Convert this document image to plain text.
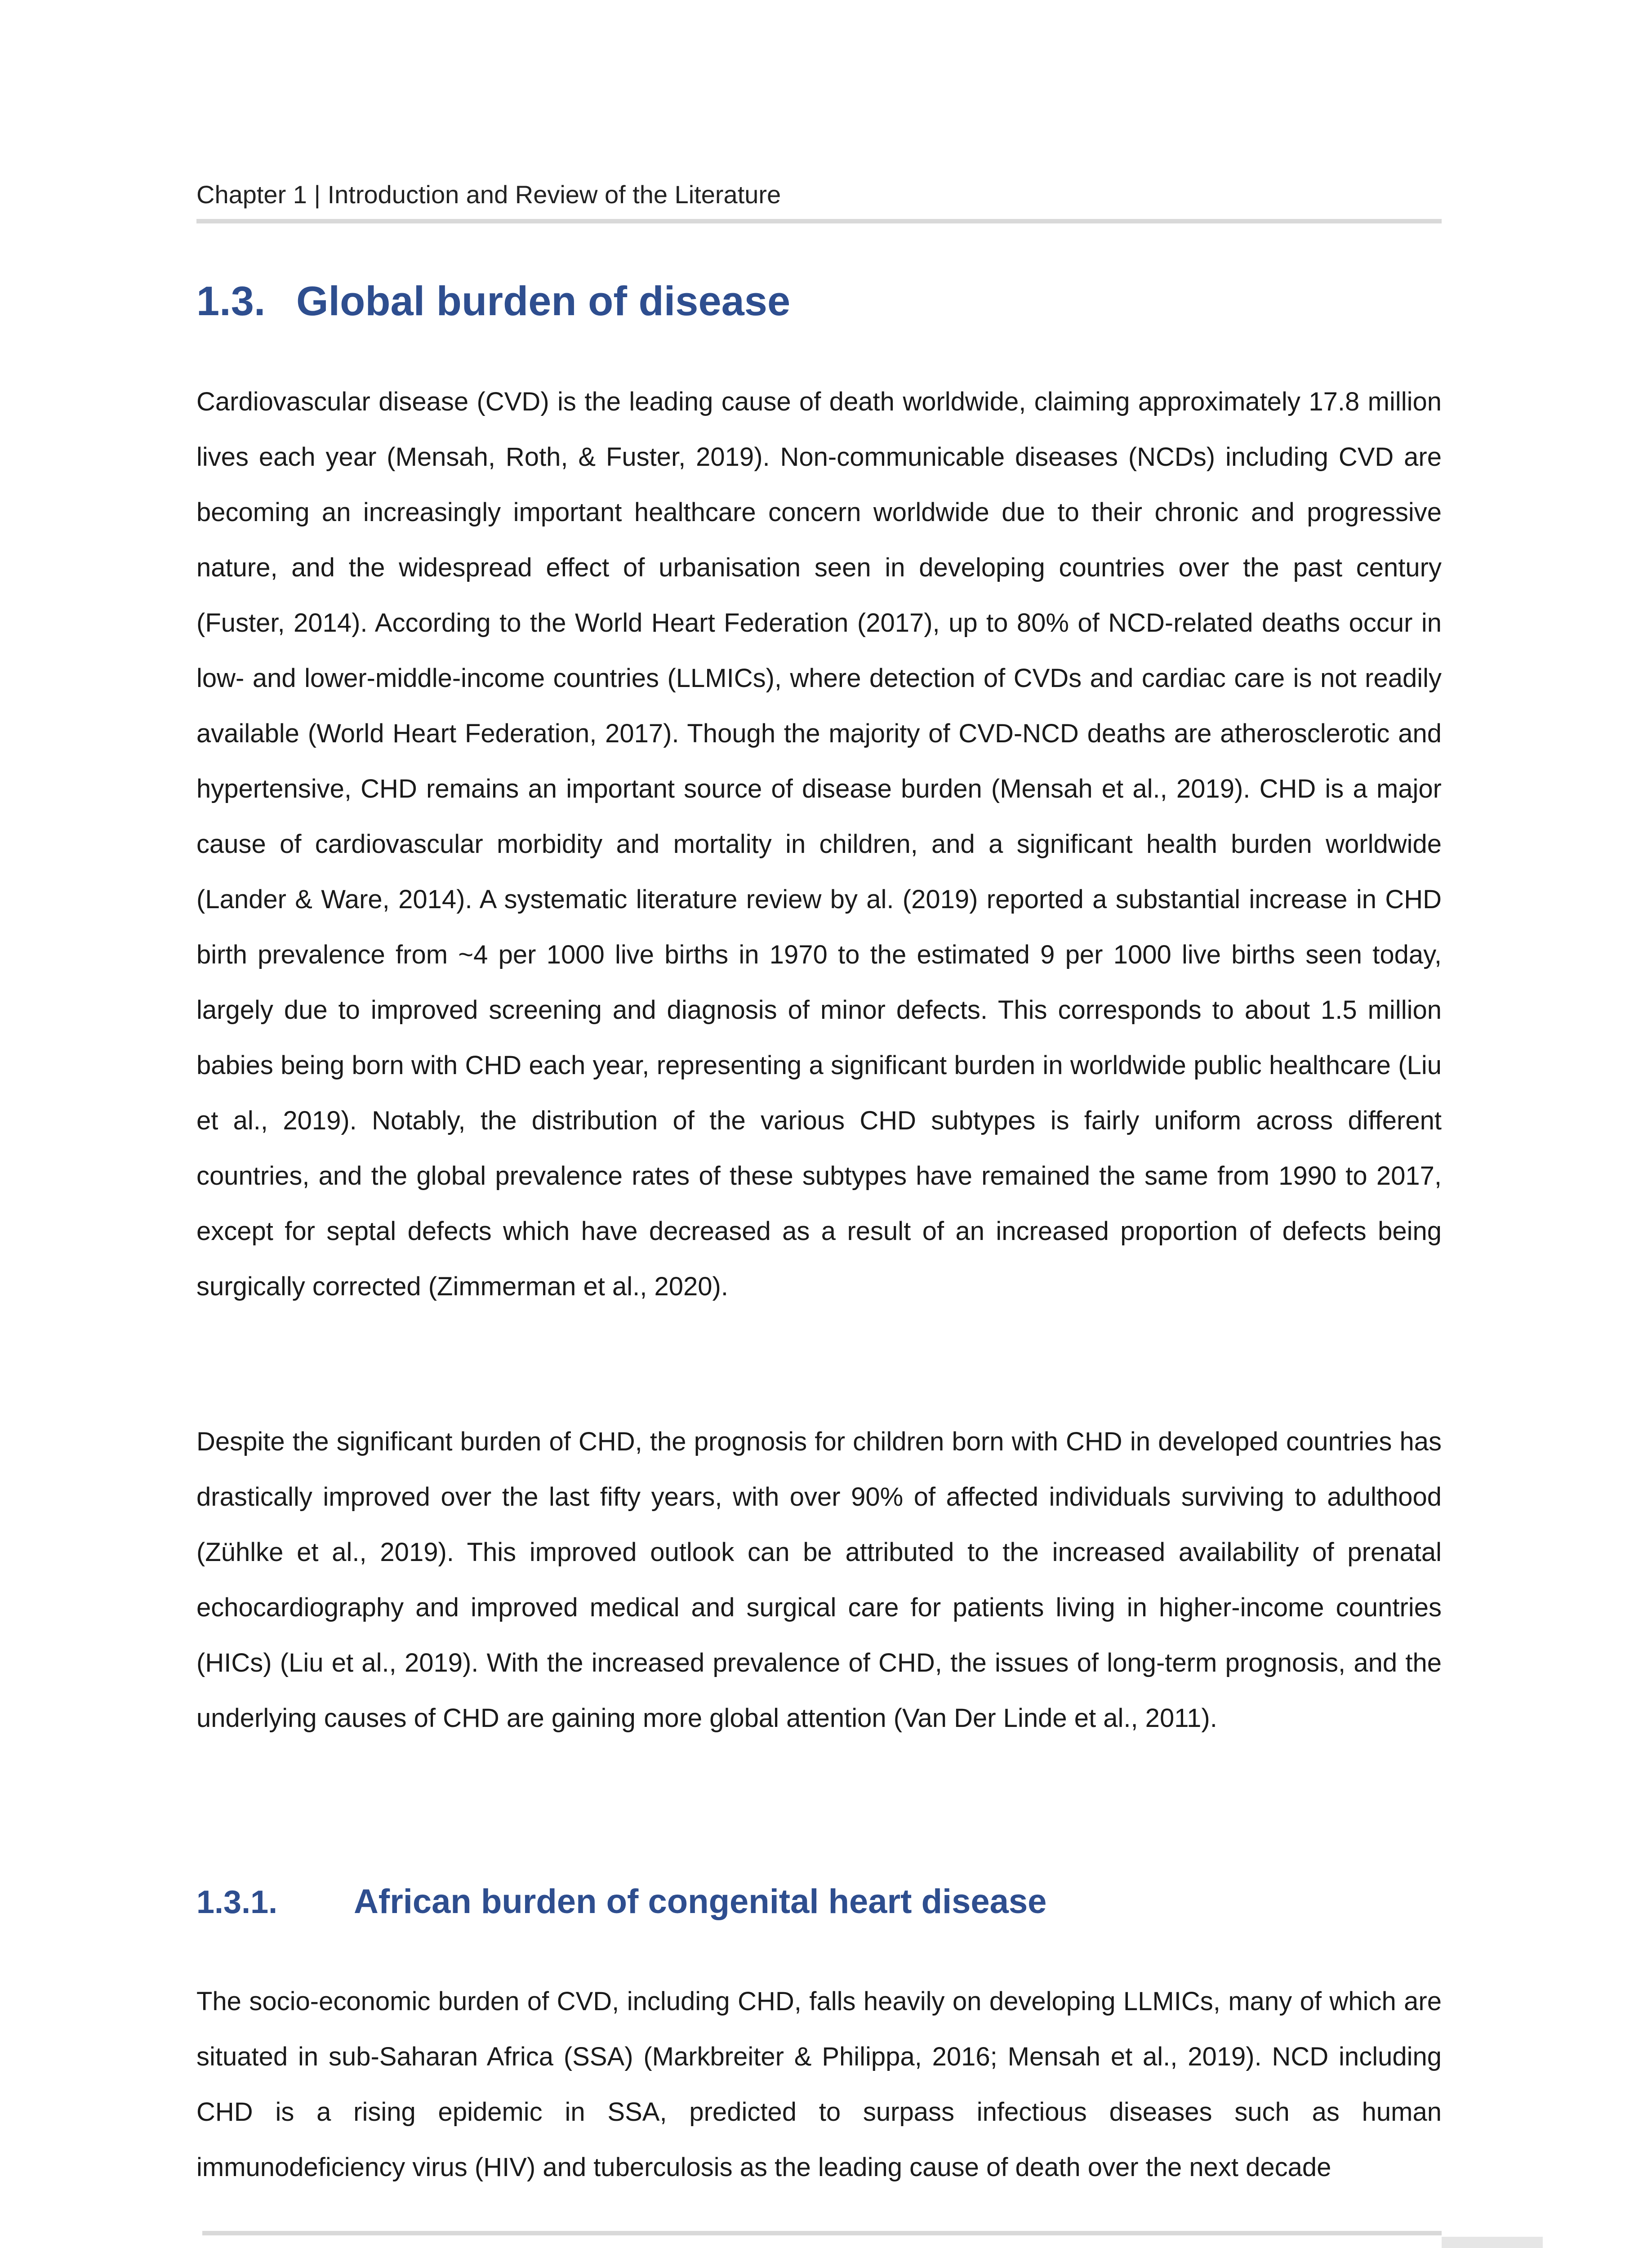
Chapter 1 | Introduction and Review of the Literature
1.3. Global burden of disease

Cardiovascular disease (CVD) is the leading cause of death worldwide, claiming approximately 17.8 million lives each year (Mensah, Roth, & Fuster, 2019). Non-communicable diseases (NCDs) including CVD are becoming an increasingly important healthcare concern worldwide due to their chronic and progressive nature, and the widespread effect of urbanisation seen in developing countries over the past century (Fuster, 2014). According to the World Heart Federation (2017), up to 80% of NCD-related deaths occur in low- and lower-middle-income countries (LLMICs), where detection of CVDs and cardiac care is not readily available (World Heart Federation, 2017). Though the majority of CVD-NCD deaths are atherosclerotic and hypertensive, CHD remains an important source of disease burden (Mensah et al., 2019). CHD is a major cause of cardiovascular morbidity and mortality in children, and a significant health burden worldwide (Lander & Ware, 2014). A systematic literature review by al. (2019) reported a substantial increase in CHD birth prevalence from ~4 per 1000 live births in 1970 to the estimated 9 per 1000 live births seen today, largely due to improved screening and diagnosis of minor defects. This corresponds to about 1.5 million babies being born with CHD each year, representing a significant burden in worldwide public healthcare (Liu et al., 2019). Notably, the distribution of the various CHD subtypes is fairly uniform across different countries, and the global prevalence rates of these subtypes have remained the same from 1990 to 2017, except for septal defects which have decreased as a result of an increased proportion of defects being surgically corrected (Zimmerman et al., 2020).

Despite the significant burden of CHD, the prognosis for children born with CHD in developed countries has drastically improved over the last fifty years, with over 90% of affected individuals surviving to adulthood (Zühlke et al., 2019). This improved outlook can be attributed to the increased availability of prenatal echocardiography and improved medical and surgical care for patients living in higher-income countries (HICs) (Liu et al., 2019). With the increased prevalence of CHD, the issues of long-term prognosis, and the underlying causes of CHD are gaining more global attention (Van Der Linde et al., 2011).

1.3.1. African burden of congenital heart disease

The socio-economic burden of CVD, including CHD, falls heavily on developing LLMICs, many of which are situated in sub-Saharan Africa (SSA) (Markbreiter & Philippa, 2016; Mensah et al., 2019). NCD including CHD is a rising epidemic in SSA, predicted to surpass infectious diseases such as human immunodeficiency virus (HIV) and tuberculosis as the leading cause of death over the next decade
